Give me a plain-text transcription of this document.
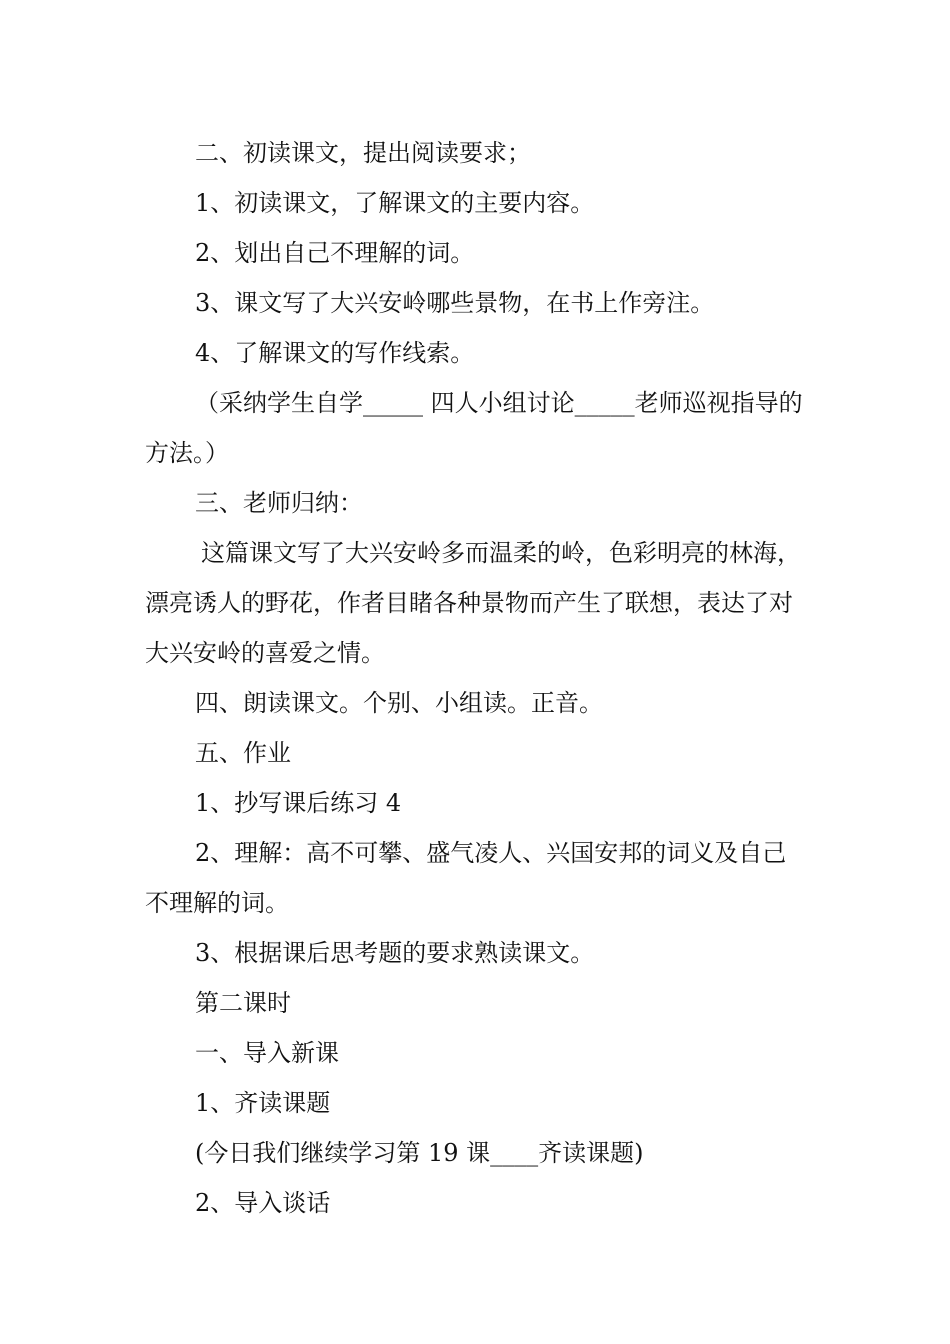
二、初读课文，提出阅读要求；

1、初读课文，了解课文的主要内容。

2、划出自己不理解的词。

3、课文写了大兴安岭哪些景物，在书上作旁注。

4、了解课文的写作线索。

（采纳学生自学_____ 四人小组讨论_____老师巡视指导的方法。）

三、老师归纳：

这篇课文写了大兴安岭多而温柔的岭，色彩明亮的林海，漂亮诱人的野花，作者目睹各种景物而产生了联想，表达了对大兴安岭的喜爱之情。

四、朗读课文。个别、小组读。正音。

五、作业

1、抄写课后练习 4

2、理解：高不可攀、盛气凌人、兴国安邦的词义及自己不理解的词。

3、根据课后思考题的要求熟读课文。

第二课时

一、导入新课

1、齐读课题

(今日我们继续学习第 19 课____齐读课题)

2、导入谈话
